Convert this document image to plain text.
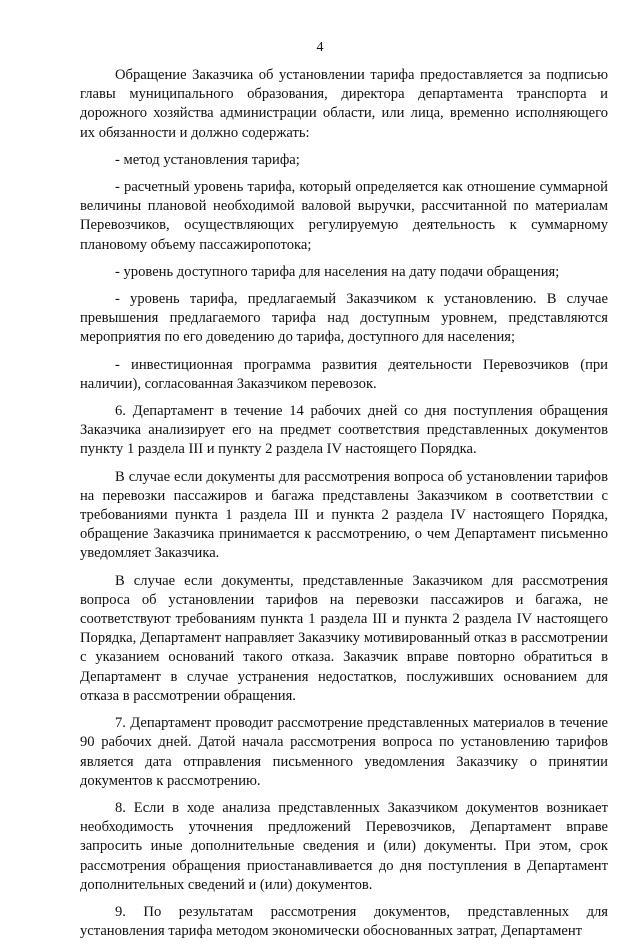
4

Обращение Заказчика об установлении тарифа предоставляется за подписью главы муниципального образования, директора департамента транспорта и дорожного хозяйства администрации области, или лица, временно исполняющего их обязанности и должно содержать:

- метод установления тарифа;

- расчетный уровень тарифа, который определяется как отношение суммарной величины плановой необходимой валовой выручки, рассчитанной по материалам Перевозчиков, осуществляющих регулируемую деятельность к суммарному плановому объему пассажиропотока;

- уровень доступного тарифа для населения на дату подачи обращения;

- уровень тарифа, предлагаемый Заказчиком к установлению. В случае превышения предлагаемого тарифа над доступным уровнем, представляются мероприятия по его доведению до тарифа, доступного для населения;

- инвестиционная программа развития деятельности Перевозчиков (при наличии), согласованная Заказчиком перевозок.

6. Департамент в течение 14 рабочих дней со дня поступления обращения Заказчика анализирует его на предмет соответствия представленных документов пункту 1 раздела III и пункту 2 раздела IV настоящего Порядка.

В случае если документы для рассмотрения вопроса об установлении тарифов на перевозки пассажиров и багажа представлены Заказчиком в соответствии с требованиями пункта 1 раздела III и пункта 2 раздела IV настоящего Порядка, обращение Заказчика принимается к рассмотрению, о чем Департамент письменно уведомляет Заказчика.

В случае если документы, представленные Заказчиком для рассмотрения вопроса об установлении тарифов на перевозки пассажиров и багажа, не соответствуют требованиям пункта 1 раздела III и пункта 2 раздела IV настоящего Порядка, Департамент направляет Заказчику мотивированный отказ в рассмотрении с указанием оснований такого отказа. Заказчик вправе повторно обратиться в Департамент в случае устранения недостатков, послуживших основанием для отказа в рассмотрении обращения.

7. Департамент проводит рассмотрение представленных материалов в течение 90 рабочих дней. Датой начала рассмотрения вопроса по установлению тарифов является дата отправления письменного уведомления Заказчику о принятии документов к рассмотрению.

8. Если в ходе анализа представленных Заказчиком документов возникает необходимость уточнения предложений Перевозчиков, Департамент вправе запросить иные дополнительные сведения и (или) документы. При этом, срок рассмотрения обращения приостанавливается до дня поступления в Департамент дополнительных сведений и (или) документов.

9. По результатам рассмотрения документов, представленных для установления тарифа методом экономически обоснованных затрат, Департамент
